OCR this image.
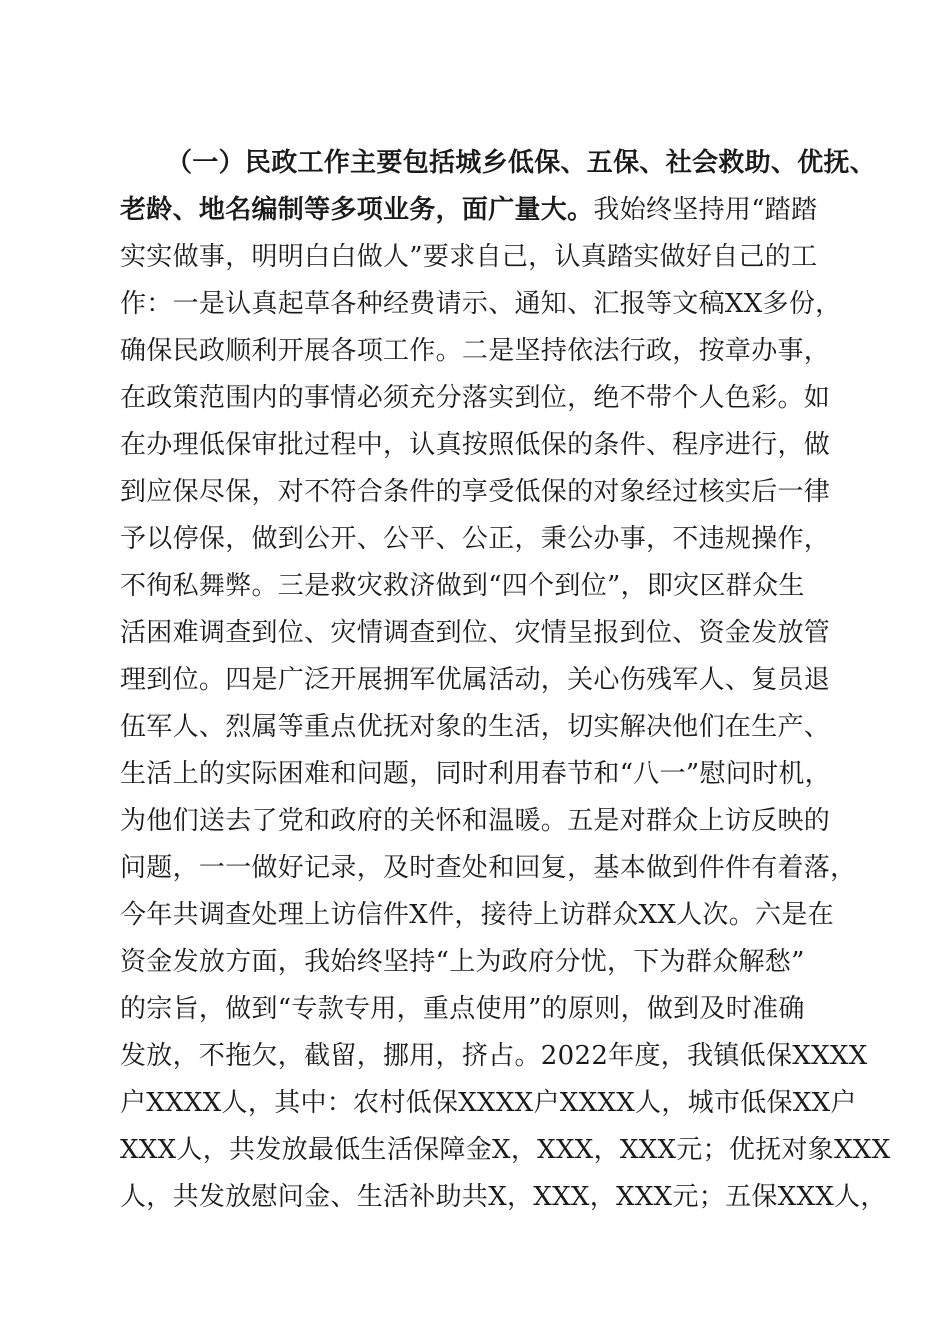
（一）民政工作主要包括城乡低保、五保、社会救助、优抚、
老龄、地名编制等多项业务，面广量大。我始终坚持用“踏踏
实实做事，明明白白做人”要求自己，认真踏实做好自己的工
作：一是认真起草各种经费请示、通知、汇报等文稿XX多份，
确保民政顺利开展各项工作。二是坚持依法行政，按章办事，
在政策范围内的事情必须充分落实到位，绝不带个人色彩。如
在办理低保审批过程中，认真按照低保的条件、程序进行，做
到应保尽保，对不符合条件的享受低保的对象经过核实后一律
予以停保，做到公开、公平、公正，秉公办事，不违规操作，
不徇私舞弊。三是救灾救济做到“四个到位”，即灾区群众生
活困难调查到位、灾情调查到位、灾情呈报到位、资金发放管
理到位。四是广泛开展拥军优属活动，关心伤残军人、复员退
伍军人、烈属等重点优抚对象的生活，切实解决他们在生产、
生活上的实际困难和问题，同时利用春节和“八一”慰问时机，
为他们送去了党和政府的关怀和温暖。五是对群众上访反映的
问题，一一做好记录，及时查处和回复，基本做到件件有着落，
今年共调查处理上访信件X件，接待上访群众XX人次。六是在
资金发放方面，我始终坚持“上为政府分忧，下为群众解愁”
的宗旨，做到“专款专用，重点使用”的原则，做到及时准确
发放，不拖欠，截留，挪用，挤占。2022年度，我镇低保XXXX
户XXXX人，其中：农村低保XXXX户XXXX人，城市低保XX户
XXX人，共发放最低生活保障金X，XXX，XXX元；优抚对象XXX
人，共发放慰问金、生活补助共X，XXX，XXX元；五保XXX人，
